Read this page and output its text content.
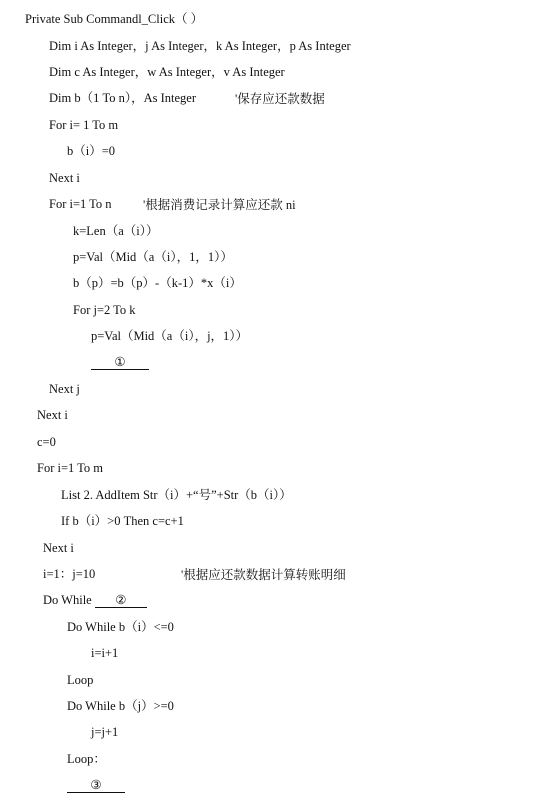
Private Sub Commandl_Click（ ）
Dim i As Integer，j As Integer，k As Integer，p As Integer
Dim c As Integer，w As Integer，v As Integer
Dim b（1 To n），As Integer	'保存应还款数据
For i= 1 To m
b（i）=0
Next i
For i=1 To n	'根据消费记录计算应还款 ni
k=Len（a（i））
p=Val（Mid（a（i），1，1））
b（p）=b（p）-（k-1）*x（i）
For j=2 To k
p=Val（Mid（a（i），j，1））
①
Next j
Next i
c=0
For i=1 To m
List 2. AddItem Str（i）+“号”+Str（b（i））
If b（i）>0 Then c=c+1
Next i
i=1：j=10	'根据应还款数据计算转账明细
Do While ②
Do While b（i）<=0
i=i+1
Loop
Do While b（j）>=0
j=j+1
Loop：
③
